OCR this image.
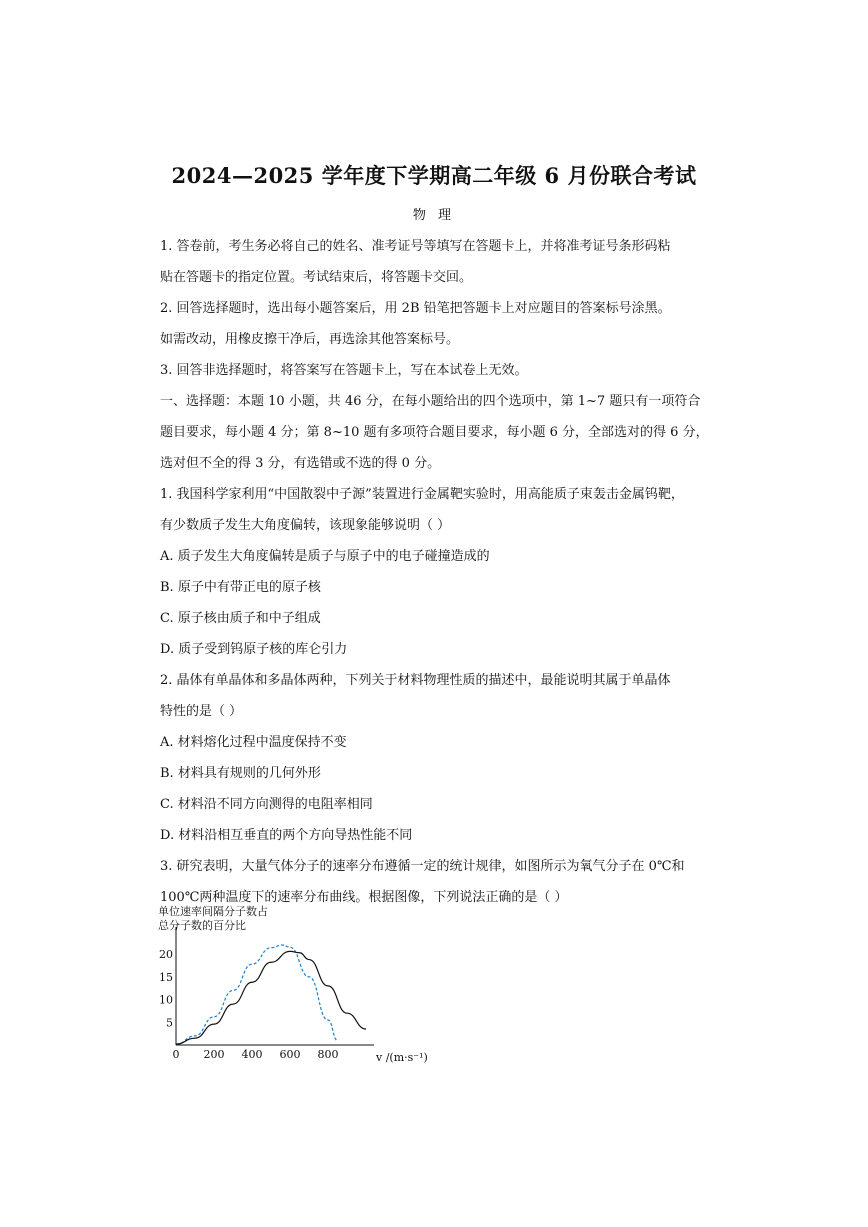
2024—2025 学年度下学期高二年级 6 月份联合考试
物 理
1. 答卷前，考生务必将自己的姓名、准考证号等填写在答题卡上，并将准考证号条形码粘
贴在答题卡的指定位置。考试结束后，将答题卡交回。
2. 回答选择题时，选出每小题答案后，用 2B 铅笔把答题卡上对应题目的答案标号涂黑。
如需改动，用橡皮擦干净后，再选涂其他答案标号。
3. 回答非选择题时，将答案写在答题卡上，写在本试卷上无效。
一、选择题：本题 10 小题，共 46 分，在每小题给出的四个选项中，第 1~7 题只有一项符合
题目要求，每小题 4 分；第 8~10 题有多项符合题目要求，每小题 6 分，全部选对的得 6 分，
选对但不全的得 3 分，有选错或不选的得 0 分。
1. 我国科学家利用“中国散裂中子源”装置进行金属靶实验时，用高能质子束轰击金属钨靶，
有少数质子发生大角度偏转，该现象能够说明（ ）
A. 质子发生大角度偏转是质子与原子中的电子碰撞造成的
B. 原子中有带正电的原子核
C. 原子核由质子和中子组成
D. 质子受到钨原子核的库仑引力
2. 晶体有单晶体和多晶体两种，下列关于材料物理性质的描述中，最能说明其属于单晶体
特性的是（ ）
A. 材料熔化过程中温度保持不变
B. 材料具有规则的几何外形
C. 材料沿不同方向测得的电阻率相同
D. 材料沿相互垂直的两个方向导热性能不同
3. 研究表明，大量气体分子的速率分布遵循一定的统计规律，如图所示为氧气分子在 0℃和
100℃两种温度下的速率分布曲线。根据图像，下列说法正确的是（ ）
单位速率间隔分子数占总分子数的百分比
0 200 400 600 800
5
10
15
20
v /(m·s⁻¹)
